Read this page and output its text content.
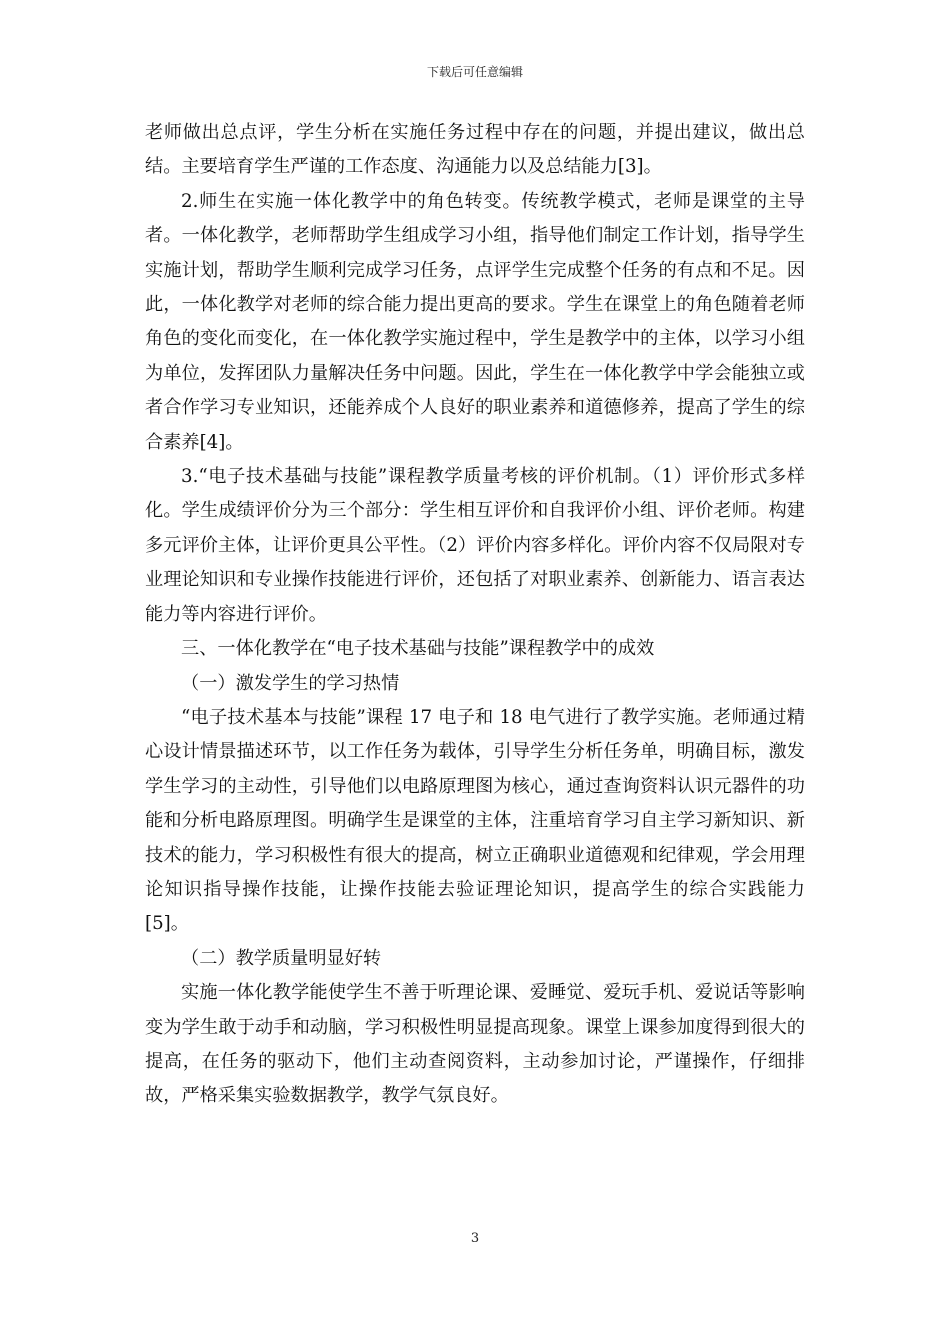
下载后可任意编辑

老师做出总点评，学生分析在实施任务过程中存在的问题，并提出建议，做出总结。主要培育学生严谨的工作态度、沟通能力以及总结能力[3]。

2.师生在实施一体化教学中的角色转变。传统教学模式，老师是课堂的主导者。一体化教学，老师帮助学生组成学习小组，指导他们制定工作计划，指导学生实施计划，帮助学生顺利完成学习任务，点评学生完成整个任务的有点和不足。因此，一体化教学对老师的综合能力提出更高的要求。学生在课堂上的角色随着老师角色的变化而变化，在一体化教学实施过程中，学生是教学中的主体，以学习小组为单位，发挥团队力量解决任务中问题。因此，学生在一体化教学中学会能独立或者合作学习专业知识，还能养成个人良好的职业素养和道德修养，提高了学生的综合素养[4]。

3.“电子技术基础与技能”课程教学质量考核的评价机制。（1）评价形式多样化。学生成绩评价分为三个部分：学生相互评价和自我评价小组、评价老师。构建多元评价主体，让评价更具公平性。（2）评价内容多样化。评价内容不仅局限对专业理论知识和专业操作技能进行评价，还包括了对职业素养、创新能力、语言表达能力等内容进行评价。

三、一体化教学在“电子技术基础与技能”课程教学中的成效

（一）激发学生的学习热情

“电子技术基本与技能”课程 17 电子和 18 电气进行了教学实施。老师通过精心设计情景描述环节，以工作任务为载体，引导学生分析任务单，明确目标，激发学生学习的主动性，引导他们以电路原理图为核心，通过查询资料认识元器件的功能和分析电路原理图。明确学生是课堂的主体，注重培育学习自主学习新知识、新技术的能力，学习积极性有很大的提高，树立正确职业道德观和纪律观，学会用理论知识指导操作技能，让操作技能去验证理论知识，提高学生的综合实践能力[5]。

（二）教学质量明显好转

实施一体化教学能使学生不善于听理论课、爱睡觉、爱玩手机、爱说话等影响变为学生敢于动手和动脑，学习积极性明显提高现象。课堂上课参加度得到很大的提高，在任务的驱动下，他们主动查阅资料，主动参加讨论，严谨操作，仔细排故，严格采集实验数据教学，教学气氛良好。

3
